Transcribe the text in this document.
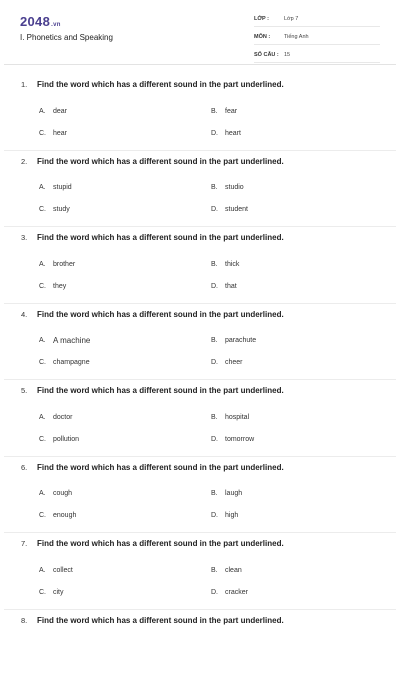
2048.vn
I. Phonetics and Speaking
LỚP :	Lớp 7
MÔN :	Tiếng Anh
SỐ CÂU : 15
1.	Find the word which has a different sound in the part underlined.
A.	dear	B.	fear
C.	hear	D.	heart
2.	Find the word which has a different sound in the part underlined.
A.	stupid	B.	studio
C.	study	D.	student
3.	Find the word which has a different sound in the part underlined.
A.	brother	B.	thick
C.	they	D.	that
4.	Find the word which has a different sound in the part underlined.
A. A machine	B.	parachute
C.	champagne	D.	cheer
5.	Find the word which has a different sound in the part underlined.
A.	doctor	B.	hospital
C.	pollution	D.	tomorrow
6.	Find the word which has a different sound in the part underlined.
A.	cough	B.	laugh
C.	enough	D.	high
7.	Find the word which has a different sound in the part underlined.
A.	collect	B.	clean
C.	city	D.	cracker
8.	Find the word which has a different sound in the part underlined.
